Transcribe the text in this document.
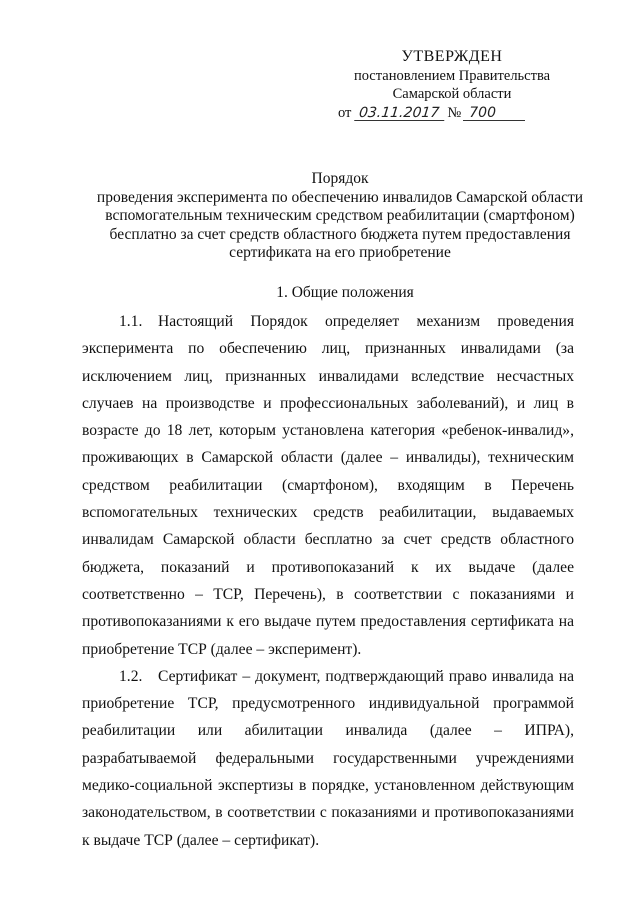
УТВЕРЖДЕН
постановлением Правительства
Самарской области
от 03.11.2017 № 700
Порядок
проведения эксперимента по обеспечению инвалидов Самарской области
вспомогательным техническим средством реабилитации (смартфоном)
бесплатно за счет средств областного бюджета путем предоставления
сертификата на его приобретение
1. Общие положения

1.1. Настоящий Порядок определяет механизм проведения эксперимента по обеспечению лиц, признанных инвалидами (за исключением лиц, признанных инвалидами вследствие несчастных случаев на производстве и профессиональных заболеваний), и лиц в возрасте до 18 лет, которым установлена категория «ребенок-инвалид», проживающих в Самарской области (далее – инвалиды), техническим средством реабилитации (смартфоном), входящим в Перечень вспомогательных технических средств реабилитации, выдаваемых инвалидам Самарской области бесплатно за счет средств областного бюджета, показаний и противопоказаний к их выдаче (далее соответственно – ТСР, Перечень), в соответствии с показаниями и противопоказаниями к его выдаче путем предоставления сертификата на приобретение ТСР (далее – эксперимент).

1.2. Сертификат – документ, подтверждающий право инвалида на приобретение ТСР, предусмотренного индивидуальной программой реабилитации или абилитации инвалида (далее – ИПРА), разрабатываемой федеральными государственными учреждениями медико-социальной экспертизы в порядке, установленном действующим законодательством, в соответствии с показаниями и противопоказаниями к выдаче ТСР (далее – сертификат).
